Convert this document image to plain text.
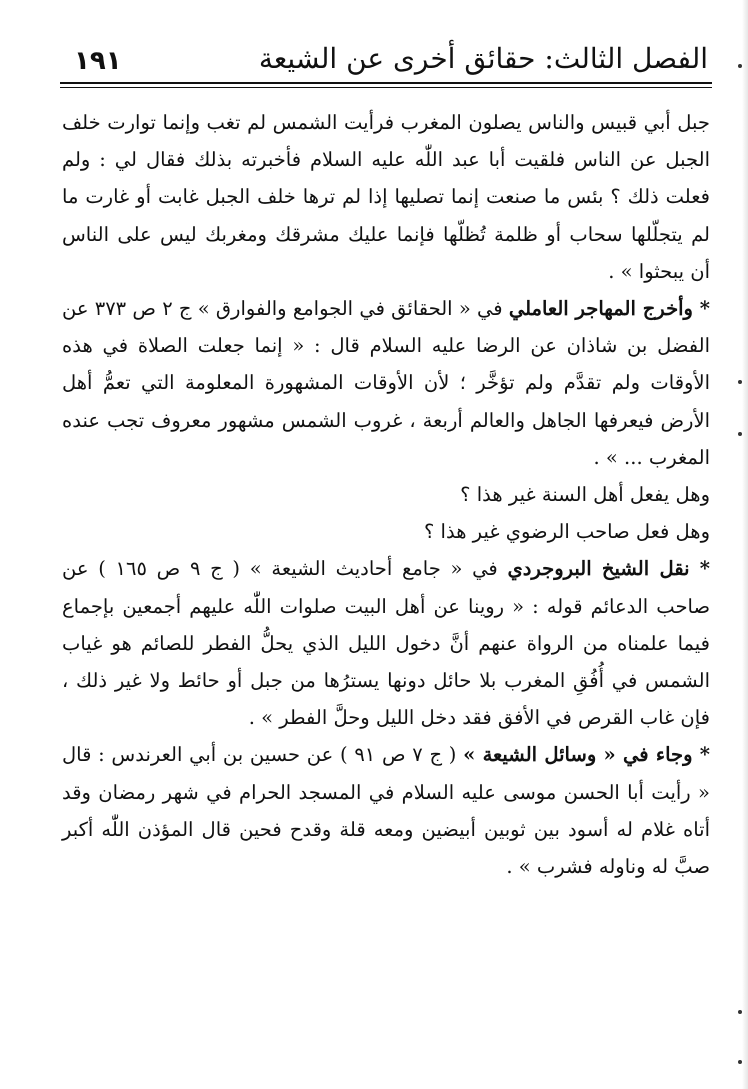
١٩١	الفصل الثالث: حقائق أخرى عن الشيعة

جبل أبي قبيس والناس يصلون المغرب فرأيت الشمس لم تغب وإنما توارت خلف الجبل عن الناس فلقيت أبا عبد اللّٰه عليه السلام فأخبرته بذلك فقال لي : ولم فعلت ذلك ؟ بئس ما صنعت إنما تصليها إذا لم ترها خلف الجبل غابت أو غارت ما لم يتجلّلها سحاب أو ظلمة تُظلّها فإنما عليك مشرقك ومغربك ليس على الناس أن يبحثوا » .

* وأخرج المهاجر العاملي في « الحقائق في الجوامع والفوارق » ج ٢ ص ٣٧٣ عن الفضل بن شاذان عن الرضا عليه السلام قال : « إنما جعلت الصلاة في هذه الأوقات ولم تقدَّم ولم تؤخَّر ؛ لأن الأوقات المشهورة المعلومة التي تعمُّ أهل الأرض فيعرفها الجاهل والعالم أربعة ، غروب الشمس مشهور معروف تجب عنده المغرب ... » .

وهل يفعل أهل السنة غير هذا ؟

وهل فعل صاحب الرضوي غير هذا ؟

* نقل الشيخ البروجردي في « جامع أحاديث الشيعة » ( ج ٩ ص ١٦٥ ) عن صاحب الدعائم قوله : « روينا عن أهل البيت صلوات اللّٰه عليهم أجمعين بإجماع فيما علمناه من الرواة عنهم أنَّ دخول الليل الذي يحلُّ الفطر للصائم هو غياب الشمس في أُفُقِ المغرب بلا حائل دونها يسترُها من جبل أو حائط ولا غير ذلك ، فإن غاب القرص في الأفق فقد دخل الليل وحلَّ الفطر » .

* وجاء في « وسائل الشيعة » ( ج ٧ ص ٩١ ) عن حسين بن أبي العرندس : قال « رأيت أبا الحسن موسى عليه السلام في المسجد الحرام في شهر رمضان وقد أتاه غلام له أسود بين ثوبين أبيضين ومعه قلة وقدح فحين قال المؤذن اللّٰه أكبر صبَّ له وناوله فشرب » .
